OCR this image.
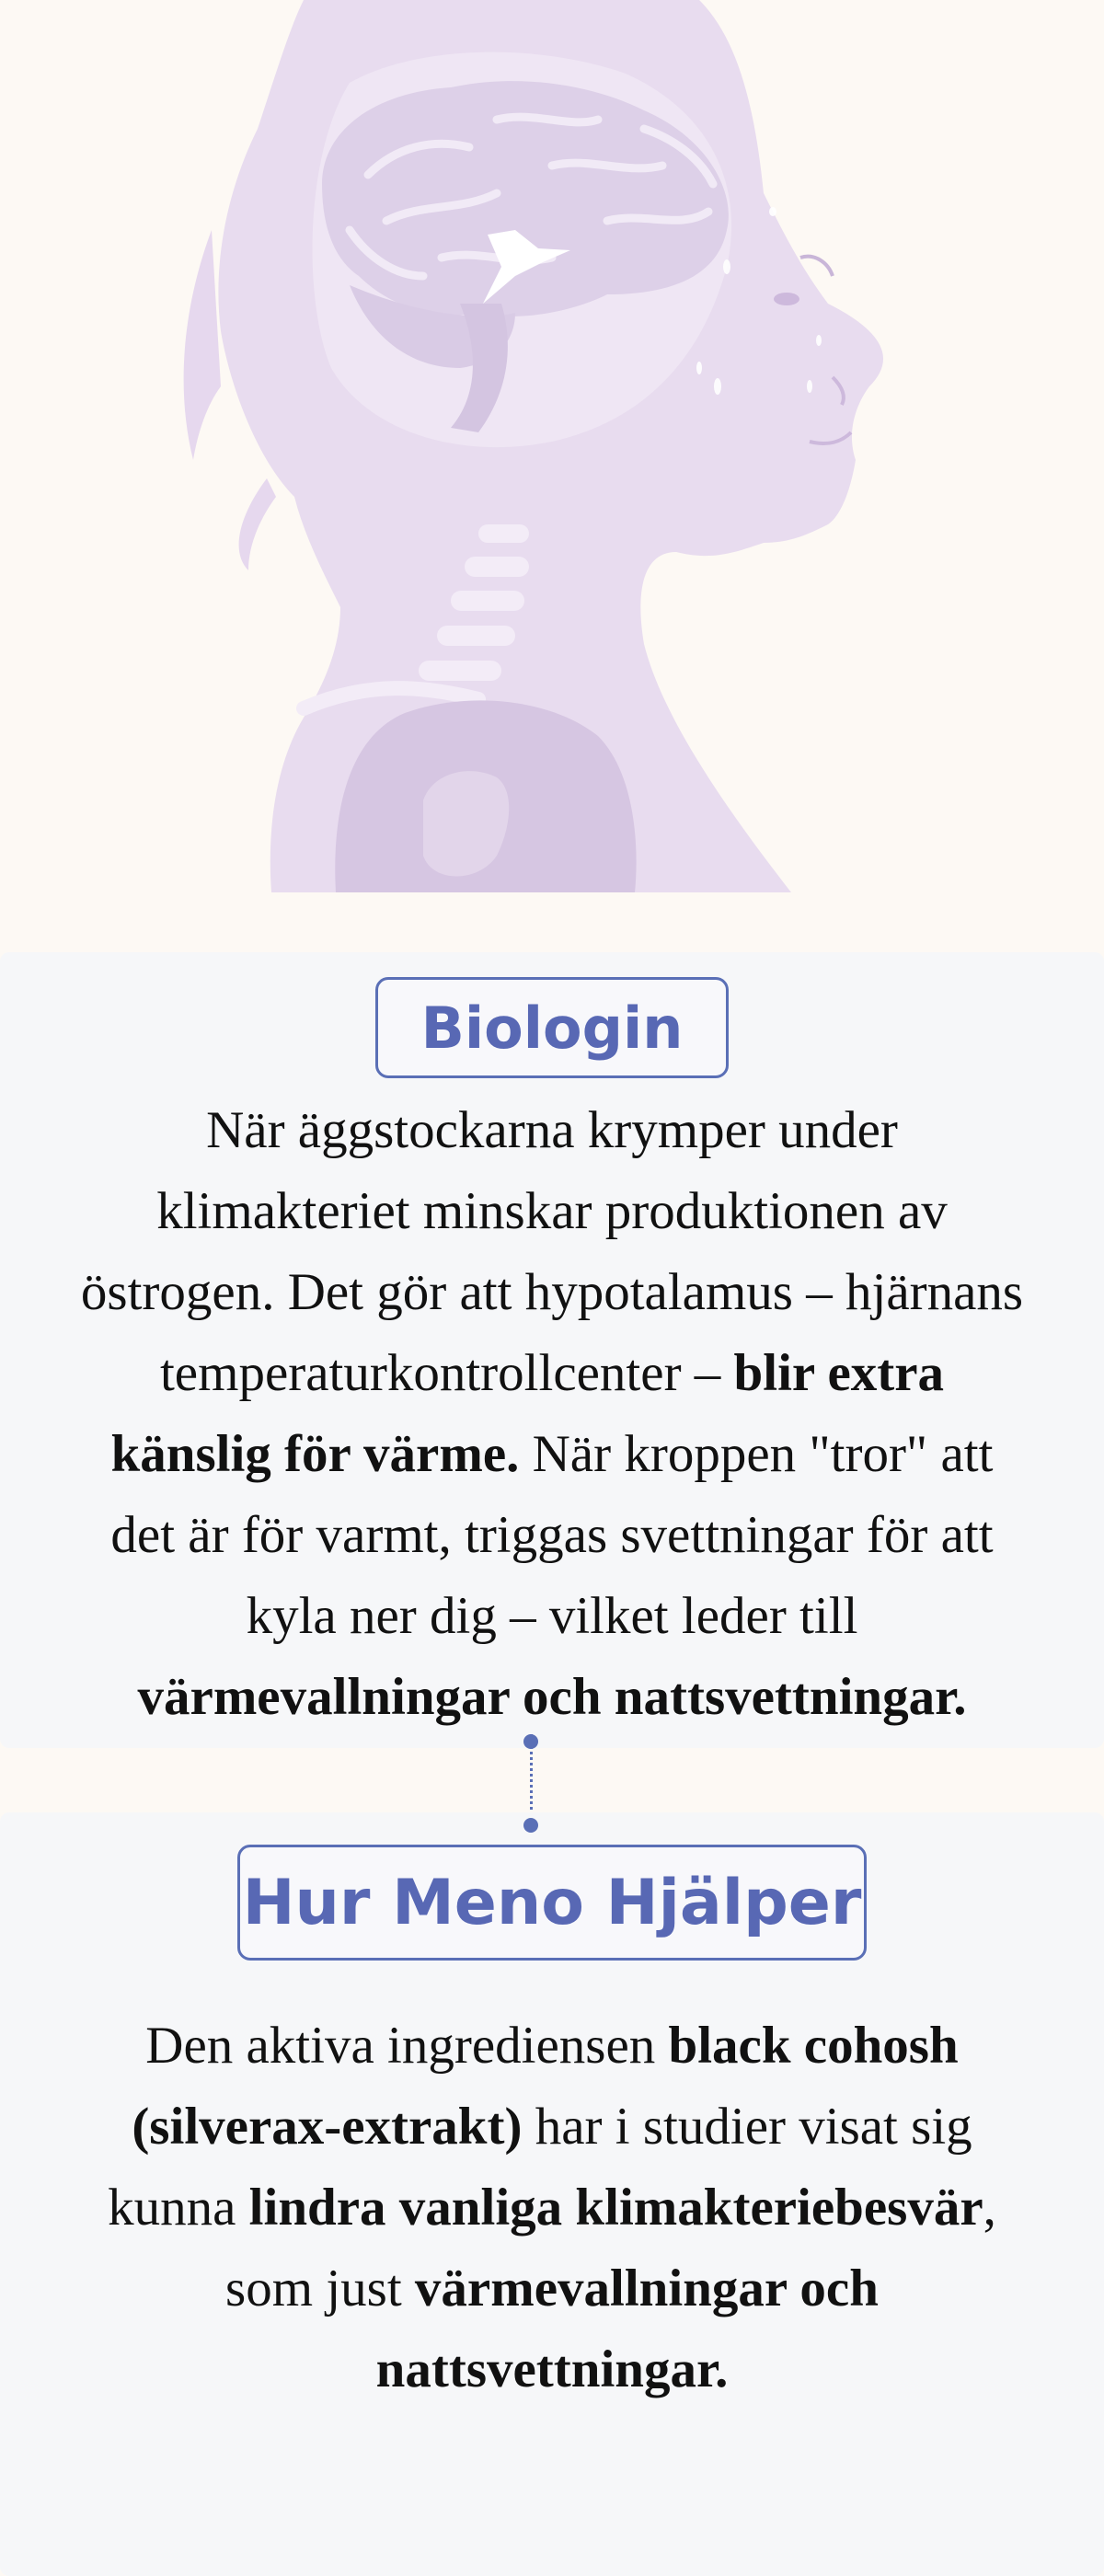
Biologin
När äggstockarna krymper under
klimakteriet minskar produktionen av
östrogen. Det gör att hypotalamus – hjärnans
temperaturkontrollcenter – blir extra
känslig för värme. När kroppen "tror" att
det är för varmt, triggas svettningar för att
kyla ner dig – vilket leder till
värmevallningar och nattsvettningar.
Hur Meno Hjälper
Den aktiva ingrediensen black cohosh
(silverax-extrakt) har i studier visat sig
kunna lindra vanliga klimakteriebesvär,
som just värmevallningar och
nattsvettningar.
